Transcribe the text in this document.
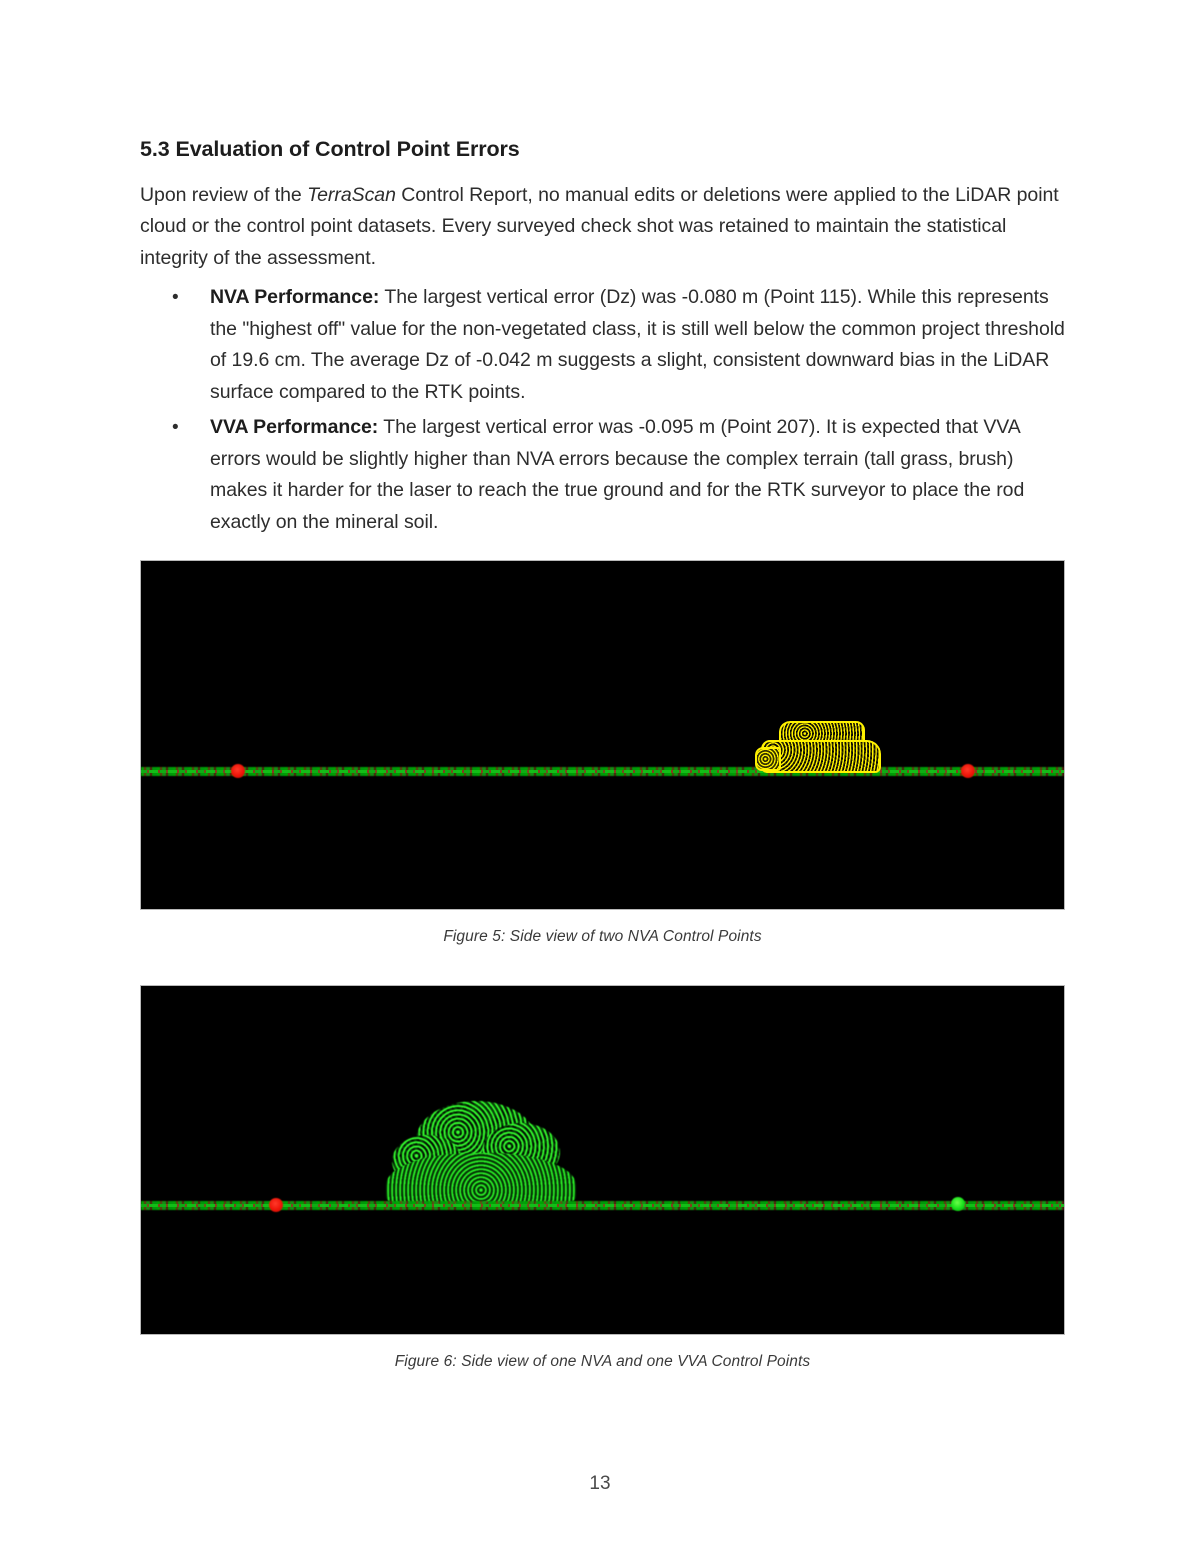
5.3 Evaluation of Control Point Errors

Upon review of the TerraScan Control Report, no manual edits or deletions were applied to the LiDAR point cloud or the control point datasets. Every surveyed check shot was retained to maintain the statistical integrity of the assessment.

• NVA Performance: The largest vertical error (Dz) was -0.080 m (Point 115). While this represents the "highest off" value for the non-vegetated class, it is still well below the common project threshold of 19.6 cm. The average Dz of -0.042 m suggests a slight, consistent downward bias in the LiDAR surface compared to the RTK points.
• VVA Performance: The largest vertical error was -0.095 m (Point 207). It is expected that VVA errors would be slightly higher than NVA errors because the complex terrain (tall grass, brush) makes it harder for the laser to reach the true ground and for the RTK surveyor to place the rod exactly on the mineral soil.
Figure 5: Side view of two NVA Control Points
Figure 6: Side view of one NVA and one VVA Control Points
13
